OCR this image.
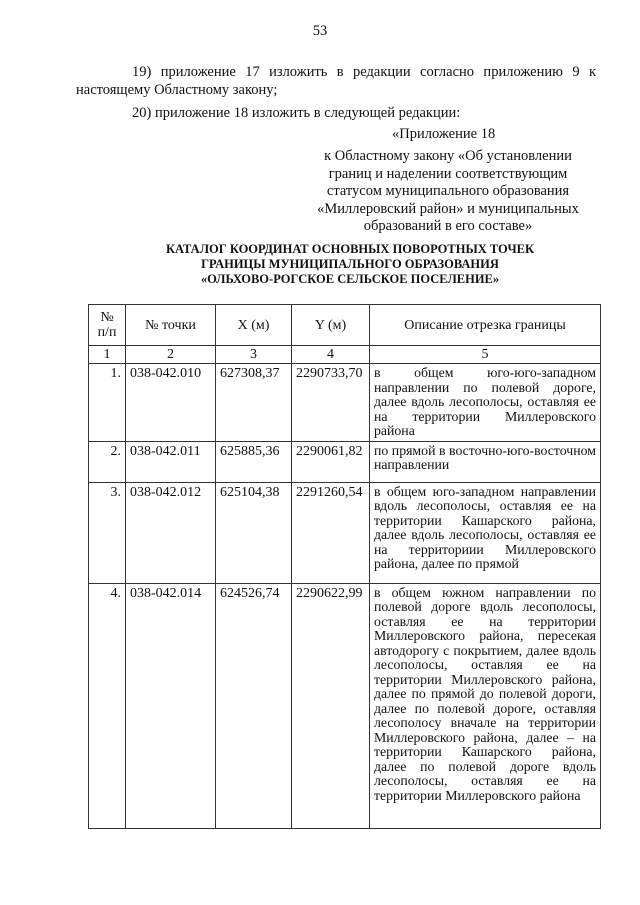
53
19) приложение 17 изложить в редакции согласно приложению 9 к
настоящему Областному закону;
20) приложение 18 изложить в следующей редакции:
«Приложение 18
к Областному закону «Об установлении
границ и наделении соответствующим
статусом муниципального образования
«Миллеровский район» и муниципальных
образований в его составе»
КАТАЛОГ КООРДИНАТ ОСНОВНЫХ ПОВОРОТНЫХ ТОЧЕК
ГРАНИЦЫ МУНИЦИПАЛЬНОГО ОБРАЗОВАНИЯ
«ОЛЬХОВО-РОГСКОЕ СЕЛЬСКОЕ ПОСЕЛЕНИЕ»
№
п/п	№ точки	X (м)	Y (м)	Описание отрезка границы
1	2	3	4	5
1.	038-042.010	627308,37	2290733,70	в общем юго-юго-западном направлении по полевой дороге, далее вдоль лесополосы, оставляя ее на территории Миллеровского района
2.	038-042.011	625885,36	2290061,82	по прямой в восточно-юго-восточном направлении
3.	038-042.012	625104,38	2291260,54	в общем юго-западном направлении вдоль лесополосы, оставляя ее на территории Кашарского района, далее вдоль лесополосы, оставляя ее на территориии Миллеровского района, далее по прямой
4.	038-042.014	624526,74	2290622,99	в общем южном направлении по полевой дороге вдоль лесополосы, оставляя ее на территории Миллеровского района, пересекая автодорогу с покрытием, далее вдоль лесополосы, оставляя ее на территории Миллеровского района, далее по прямой до полевой дороги, далее по полевой дороге, оставляя лесополосу вначале на территории Миллеровского района, далее – на территории Кашарского района, далее по полевой дороге вдоль лесополосы, оставляя ее на территории Миллеровского района
